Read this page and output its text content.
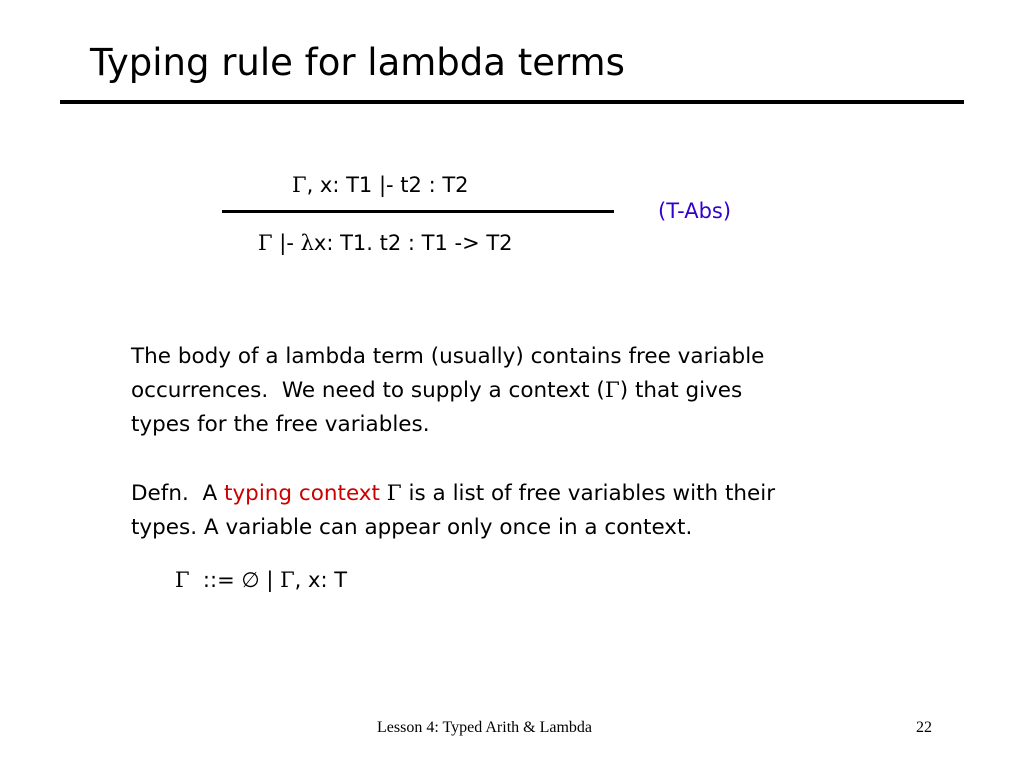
Typing rule for lambda terms
Γ, x: T1 |- t2 : T2
Γ |- λx: T1. t2 : T1 -> T2
(T-Abs)
The body of a lambda term (usually) contains free variable
occurrences.  We need to supply a context (Γ) that gives
types for the free variables.
Defn.  A typing context Γ is a list of free variables with their
types. A variable can appear only once in a context.
Γ  ::= ∅ | Γ, x: T
Lesson 4: Typed Arith & Lambda	22
